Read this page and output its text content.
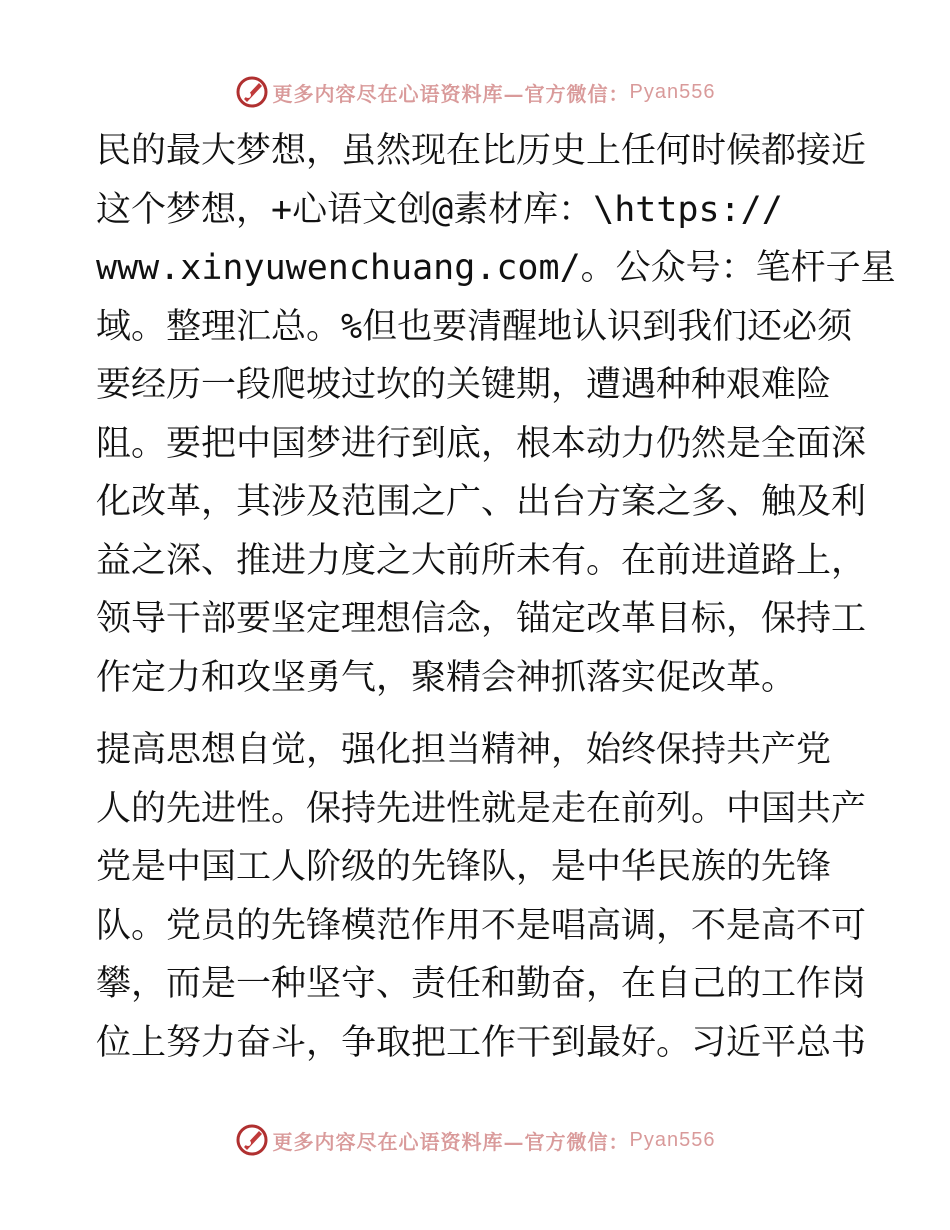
更多内容尽在心语资料库—官方微信： Pyan556
民的最大梦想，虽然现在比历史上任何时候都接近
这个梦想，+心语文创@素材库：\https://
www.xinyuwenchuang.com/。公众号：笔杆子星
域。整理汇总。%但也要清醒地认识到我们还必须
要经历一段爬坡过坎的关键期，遭遇种种艰难险
阻。要把中国梦进行到底，根本动力仍然是全面深
化改革，其涉及范围之广、出台方案之多、触及利
益之深、推进力度之大前所未有。在前进道路上，
领导干部要坚定理想信念，锚定改革目标，保持工
作定力和攻坚勇气，聚精会神抓落实促改革。
提高思想自觉，强化担当精神，始终保持共产党
人的先进性。保持先进性就是走在前列。中国共产
党是中国工人阶级的先锋队，是中华民族的先锋
队。党员的先锋模范作用不是唱高调，不是高不可
攀，而是一种坚守、责任和勤奋，在自己的工作岗
位上努力奋斗，争取把工作干到最好。习近平总书
更多内容尽在心语资料库—官方微信： Pyan556
